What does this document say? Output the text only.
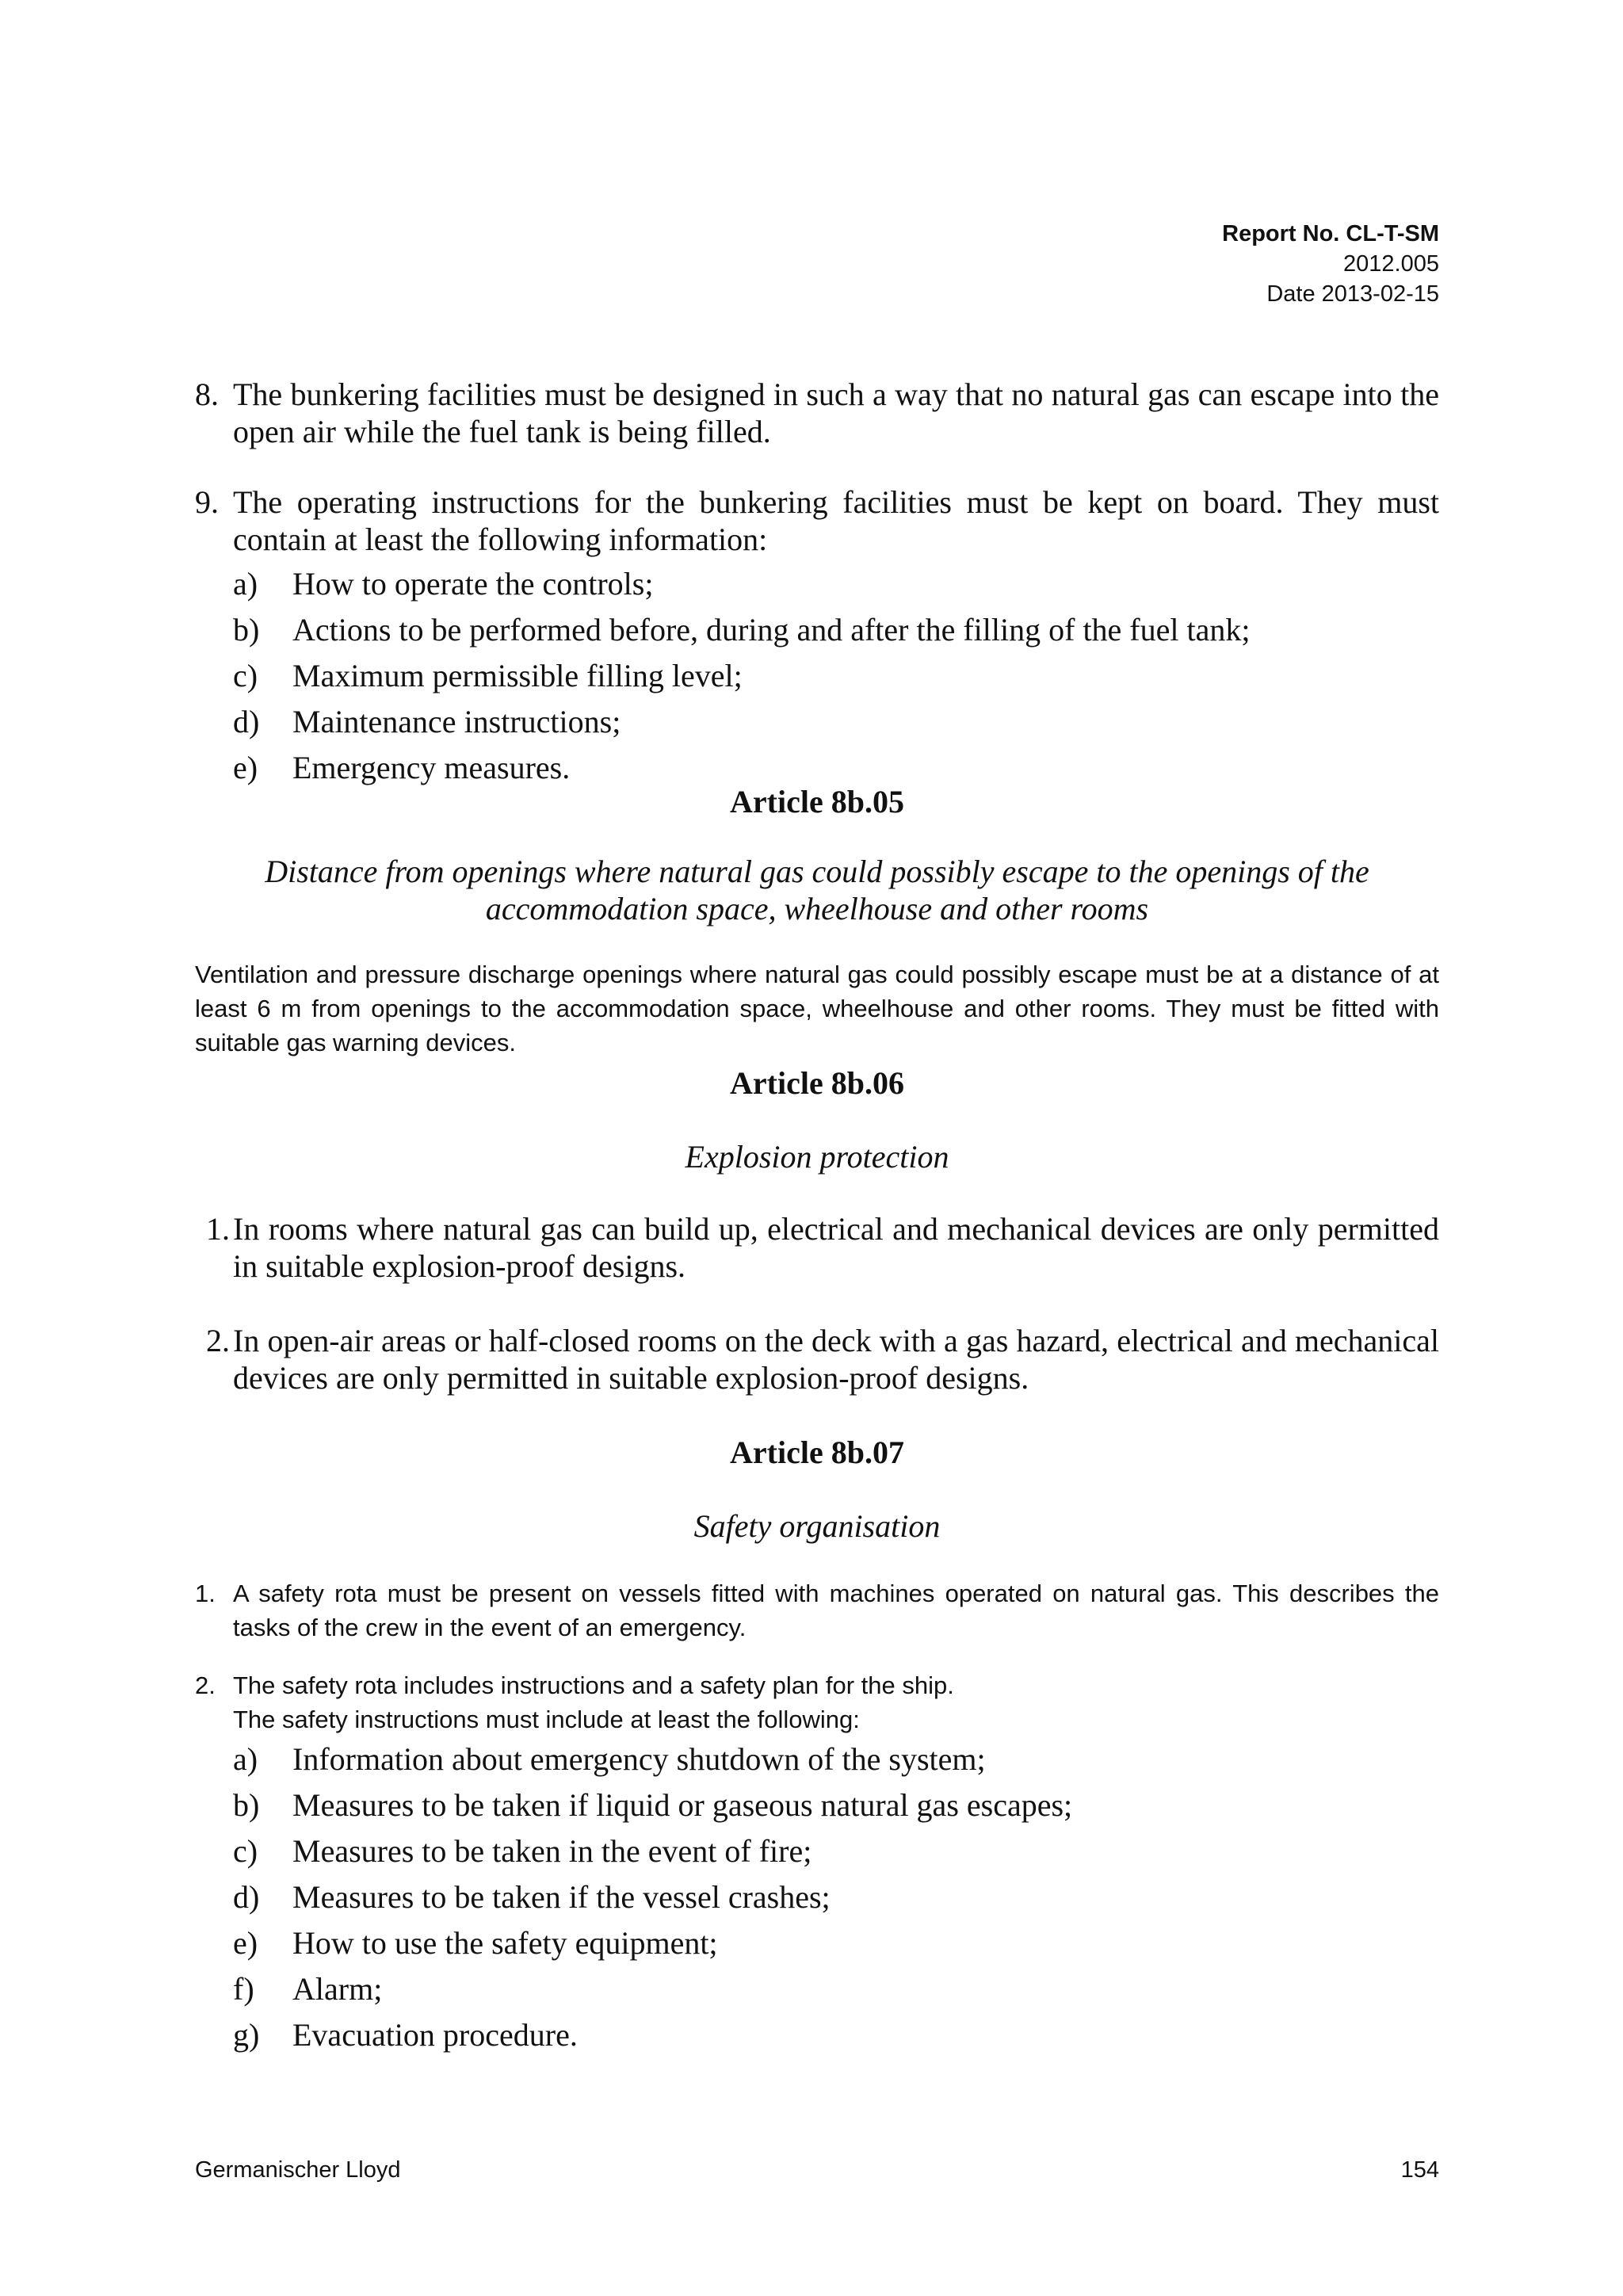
Report No. CL-T-SM
2012.005
Date 2013-02-15
8. The bunkering facilities must be designed in such a way that no natural gas can escape into the open air while the fuel tank is being filled.
9. The operating instructions for the bunkering facilities must be kept on board. They must contain at least the following information:
a)	How to operate the controls;
b)	Actions to be performed before, during and after the filling of the fuel tank;
c)	Maximum permissible filling level;
d)	Maintenance instructions;
e)	Emergency measures.
Article 8b.05
Distance from openings where natural gas could possibly escape to the openings of the
accommodation space, wheelhouse and other rooms
Ventilation and pressure discharge openings where natural gas could possibly escape must be at a distance of at least 6 m from openings to the accommodation space, wheelhouse and other rooms. They must be fitted with suitable gas warning devices.
Article 8b.06
Explosion protection
1. In rooms where natural gas can build up, electrical and mechanical devices are only permitted in suitable explosion-proof designs.
2. In open-air areas or half-closed rooms on the deck with a gas hazard, electrical and mechanical devices are only permitted in suitable explosion-proof designs.
Article 8b.07
Safety organisation
1. A safety rota must be present on vessels fitted with machines operated on natural gas. This describes the tasks of the crew in the event of an emergency.
2. The safety rota includes instructions and a safety plan for the ship.
The safety instructions must include at least the following:
a)	Information about emergency shutdown of the system;
b)	Measures to be taken if liquid or gaseous natural gas escapes;
c)	Measures to be taken in the event of fire;
d)	Measures to be taken if the vessel crashes;
e)	How to use the safety equipment;
f)	Alarm;
g)	Evacuation procedure.
Germanischer Lloyd	154
